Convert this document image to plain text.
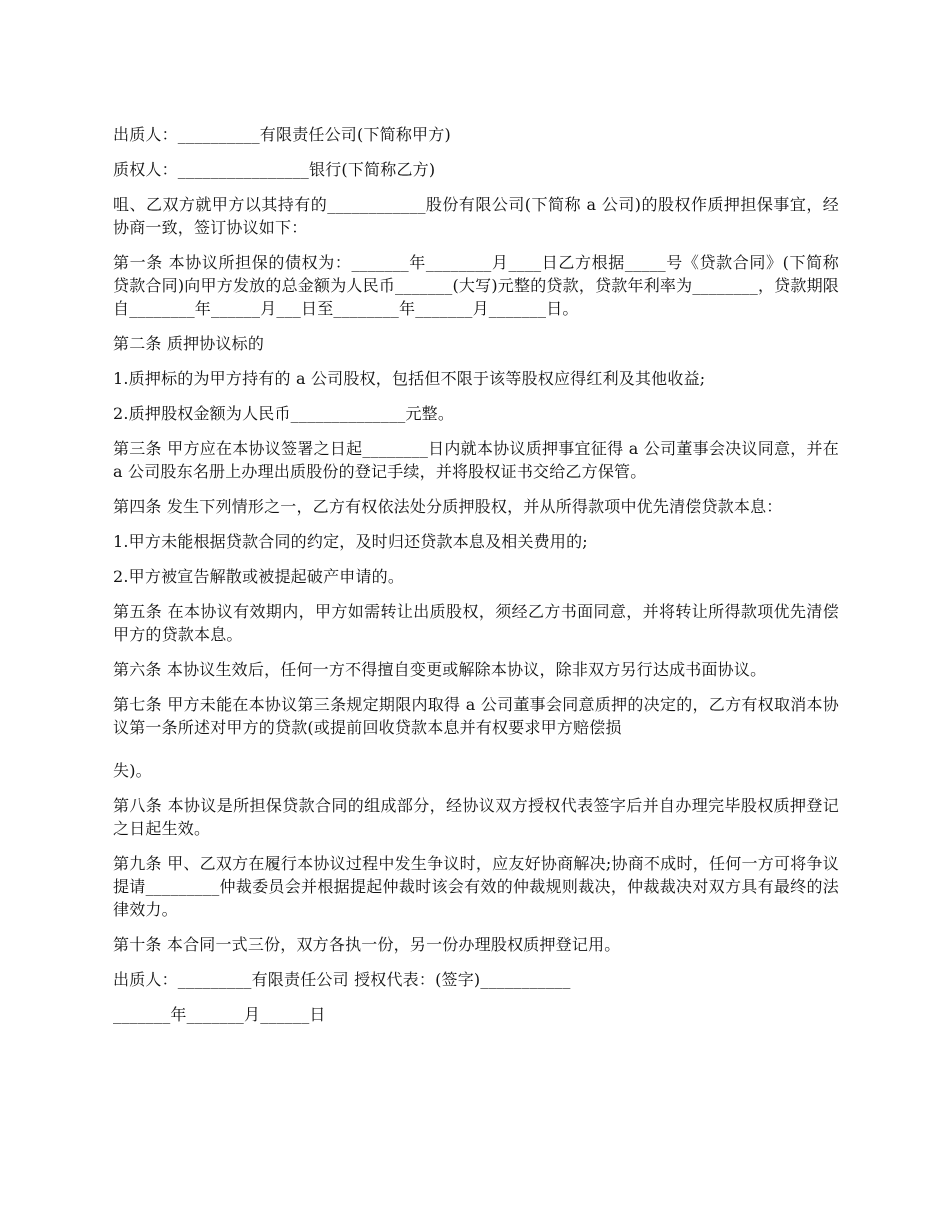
出质人：__________有限责任公司(下简称甲方)

质权人：________________银行(下简称乙方)

咀、乙双方就甲方以其持有的____________股份有限公司(下简称 a 公司)的股权作质押担保事宜，经协商一致，签订协议如下：

第一条 本协议所担保的债权为：_______年________月____日乙方根据_____号《贷款合同》(下简称贷款合同)向甲方发放的总金额为人民币_______(大写)元整的贷款，贷款年利率为________，贷款期限自________年______月___日至________年_______月_______日。

第二条 质押协议标的

1.质押标的为甲方持有的 a 公司股权，包括但不限于该等股权应得红利及其他收益;

2.质押股权金额为人民币______________元整。

第三条 甲方应在本协议签署之日起________日内就本协议质押事宜征得 a 公司董事会决议同意，并在 a 公司股东名册上办理出质股份的登记手续，并将股权证书交给乙方保管。

第四条 发生下列情形之一，乙方有权依法处分质押股权，并从所得款项中优先清偿贷款本息：

1.甲方未能根据贷款合同的约定，及时归还贷款本息及相关费用的;

2.甲方被宣告解散或被提起破产申请的。

第五条 在本协议有效期内，甲方如需转让出质股权，须经乙方书面同意，并将转让所得款项优先清偿甲方的贷款本息。

第六条 本协议生效后，任何一方不得擅自变更或解除本协议，除非双方另行达成书面协议。

第七条 甲方未能在本协议第三条规定期限内取得 a 公司董事会同意质押的决定的，乙方有权取消本协议第一条所述对甲方的贷款(或提前回收贷款本息并有权要求甲方赔偿损

失)。

第八条 本协议是所担保贷款合同的组成部分，经协议双方授权代表签字后并自办理完毕股权质押登记之日起生效。

第九条 甲、乙双方在履行本协议过程中发生争议时，应友好协商解决;协商不成时，任何一方可将争议提请_________仲裁委员会并根据提起仲裁时该会有效的仲裁规则裁决，仲裁裁决对双方具有最终的法律效力。

第十条 本合同一式三份，双方各执一份，另一份办理股权质押登记用。

出质人：_________有限责任公司 授权代表：(签字)___________

_______年_______月______日
